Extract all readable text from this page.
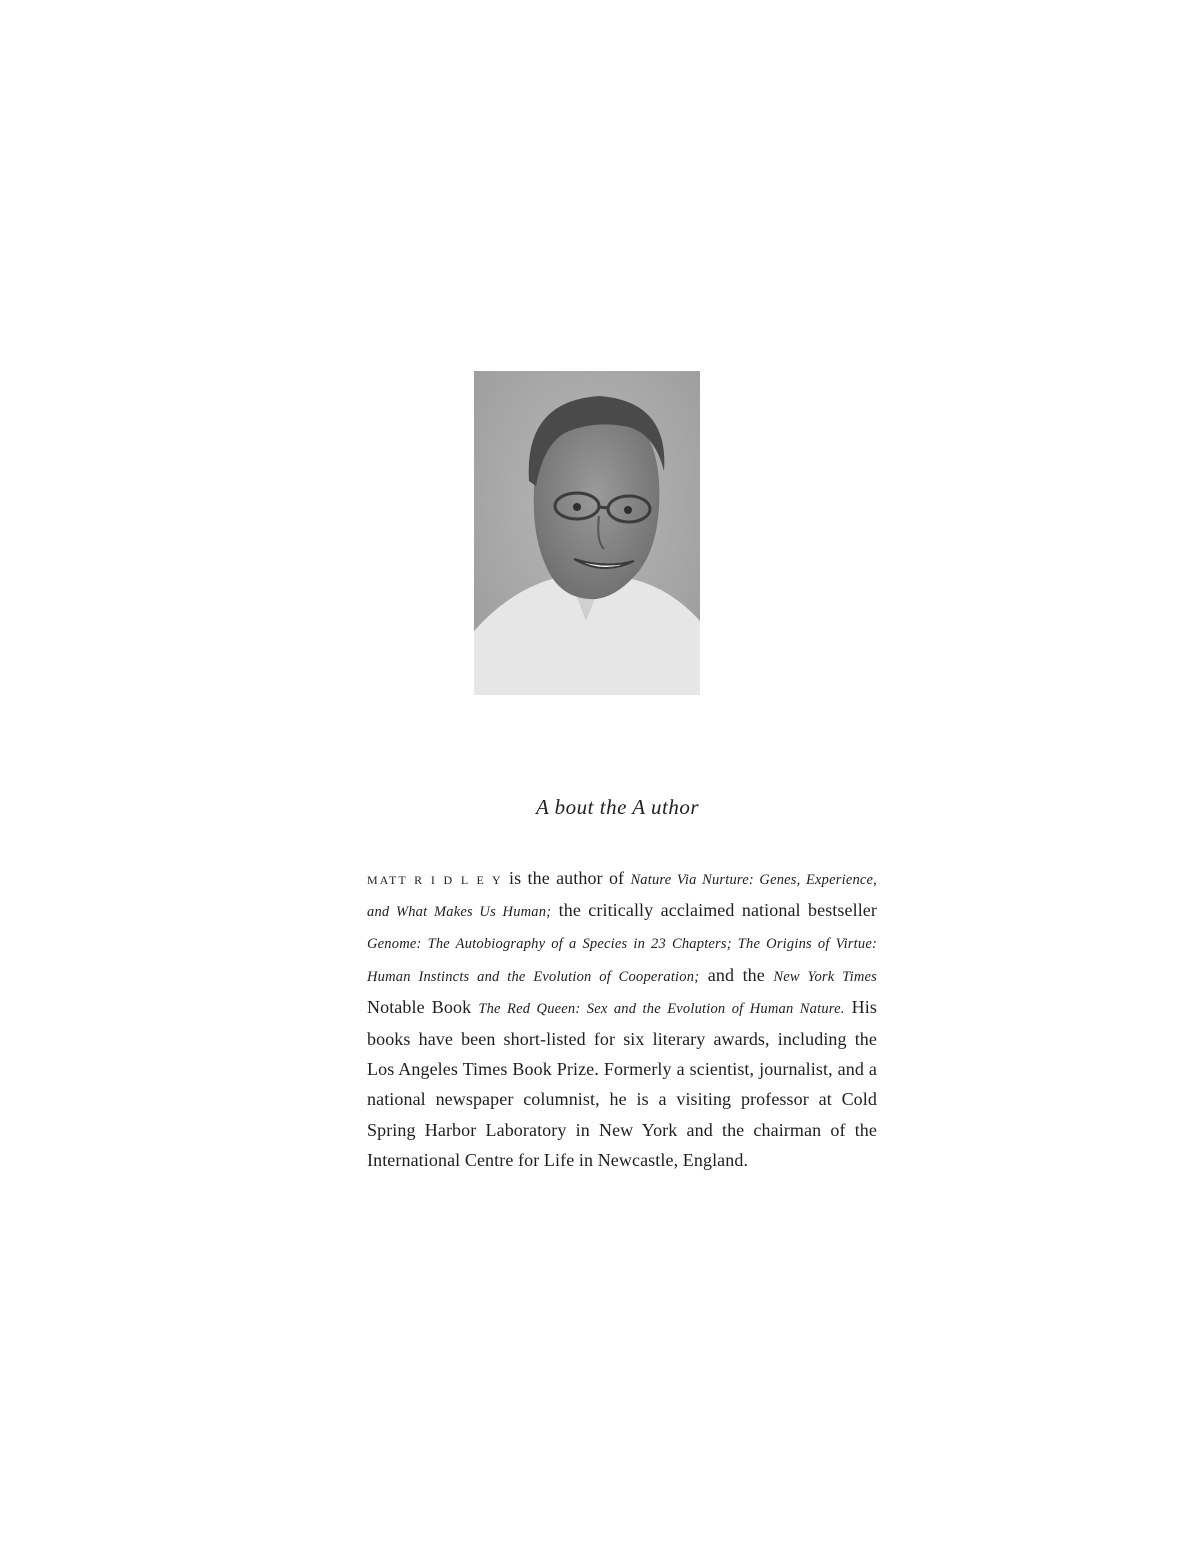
A bout the A uthor
MATT R I D L E Y is the author of Nature Via Nurture: Genes, Experience, and What Makes Us Human; the critically acclaimed national bestseller Genome: The Autobiography of a Species in 23 Chapters; The Origins of Virtue: Human Instincts and the Evolution of Cooperation; and the New York Times Notable Book The Red Queen: Sex and the Evolution of Human Nature. His books have been short-listed for six literary awards, including the Los Angeles Times Book Prize. Formerly a scientist, journalist, and a national newspaper columnist, he is a visiting professor at Cold Spring Harbor Laboratory in New York and the chairman of the International Centre for Life in Newcastle, England.
